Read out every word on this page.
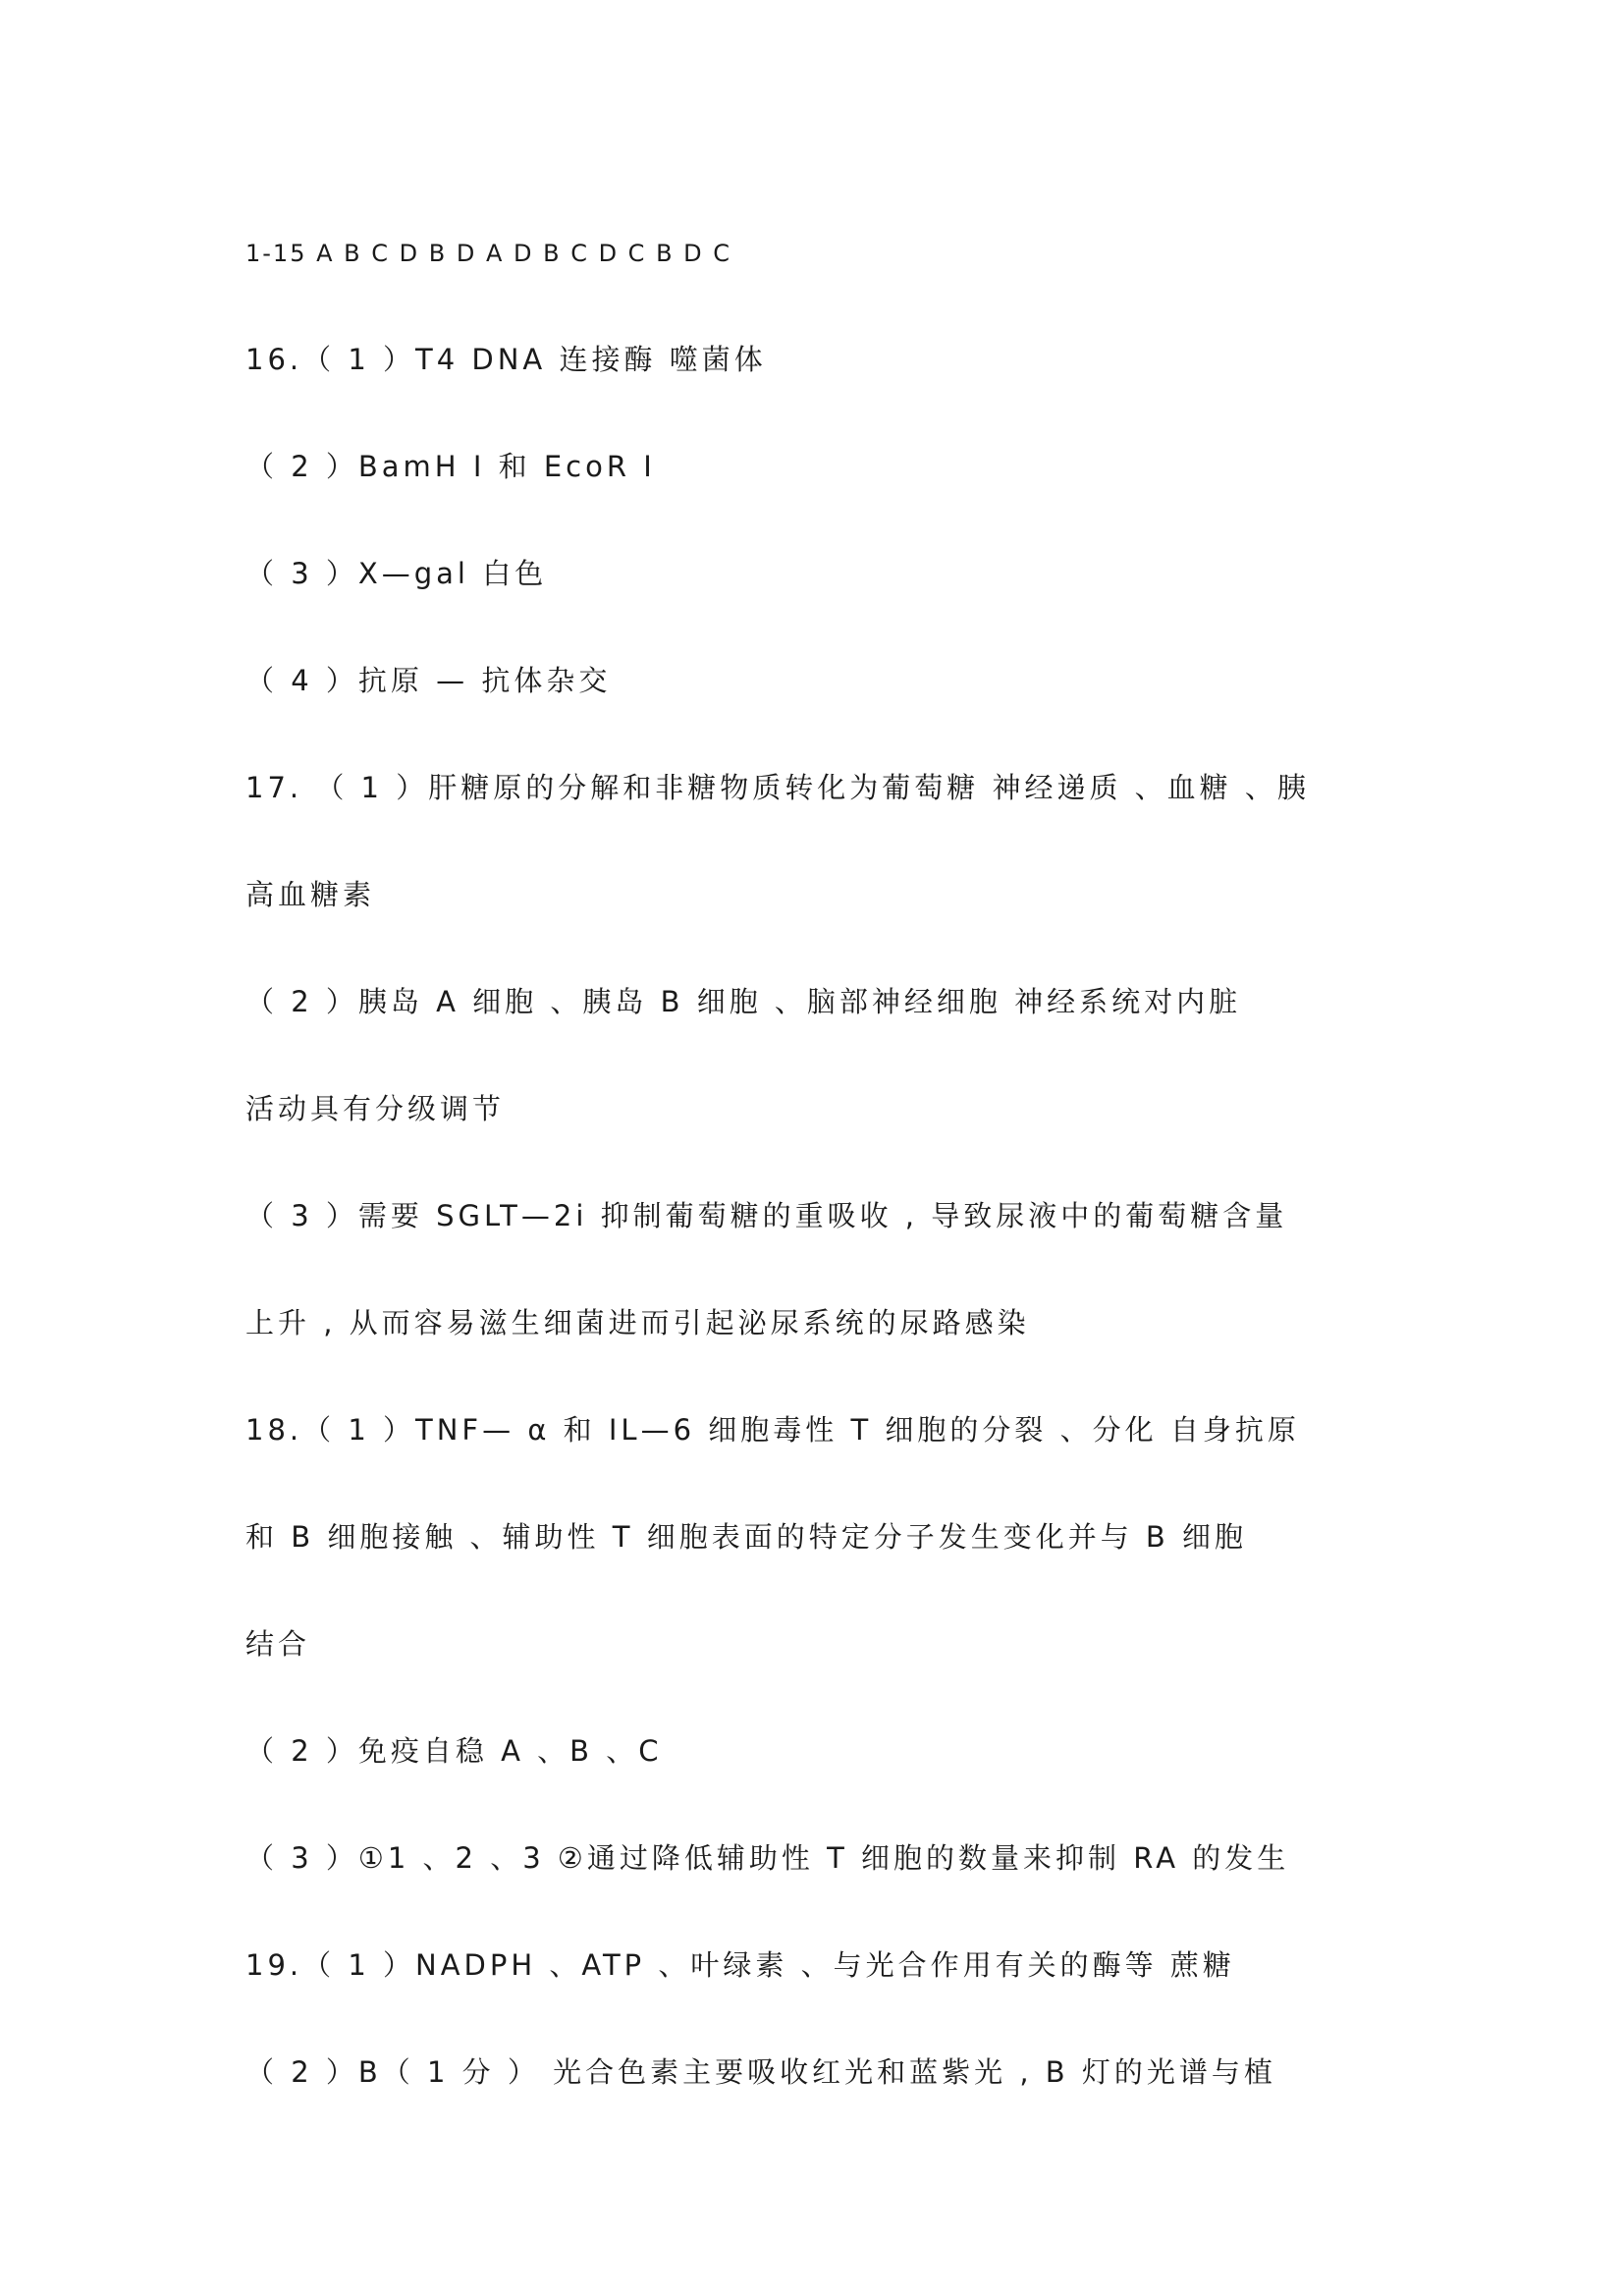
1-15 A B C D B D A D B C D C B D C
16.（ 1 ）T4 DNA 连接酶 噬菌体
（ 2 ）BamH Ⅰ 和 EcoR Ⅰ
（ 3 ）X—gal 白色
（ 4 ）抗原 — 抗体杂交
17. （ 1 ）肝糖原的分解和非糖物质转化为葡萄糖 神经递质 、血糖 、胰
高血糖素
（ 2 ）胰岛 A 细胞 、胰岛 B 细胞 、脑部神经细胞 神经系统对内脏
活动具有分级调节
（ 3 ）需要 SGLT—2i 抑制葡萄糖的重吸收 , 导致尿液中的葡萄糖含量
上升 , 从而容易滋生细菌进而引起泌尿系统的尿路感染
18.（ 1 ）TNF— α 和 IL—6 细胞毒性 T 细胞的分裂 、分化 自身抗原
和 B 细胞接触 、辅助性 T 细胞表面的特定分子发生变化并与 B 细胞
结合
（ 2 ）免疫自稳 A 、B 、C
（ 3 ）①1 、2 、3 ②通过降低辅助性 T 细胞的数量来抑制 RA 的发生
19.（ 1 ）NADPH 、ATP 、叶绿素 、与光合作用有关的酶等 蔗糖
（ 2 ）B（ 1 分 ） 光合色素主要吸收红光和蓝紫光 , B 灯的光谱与植
